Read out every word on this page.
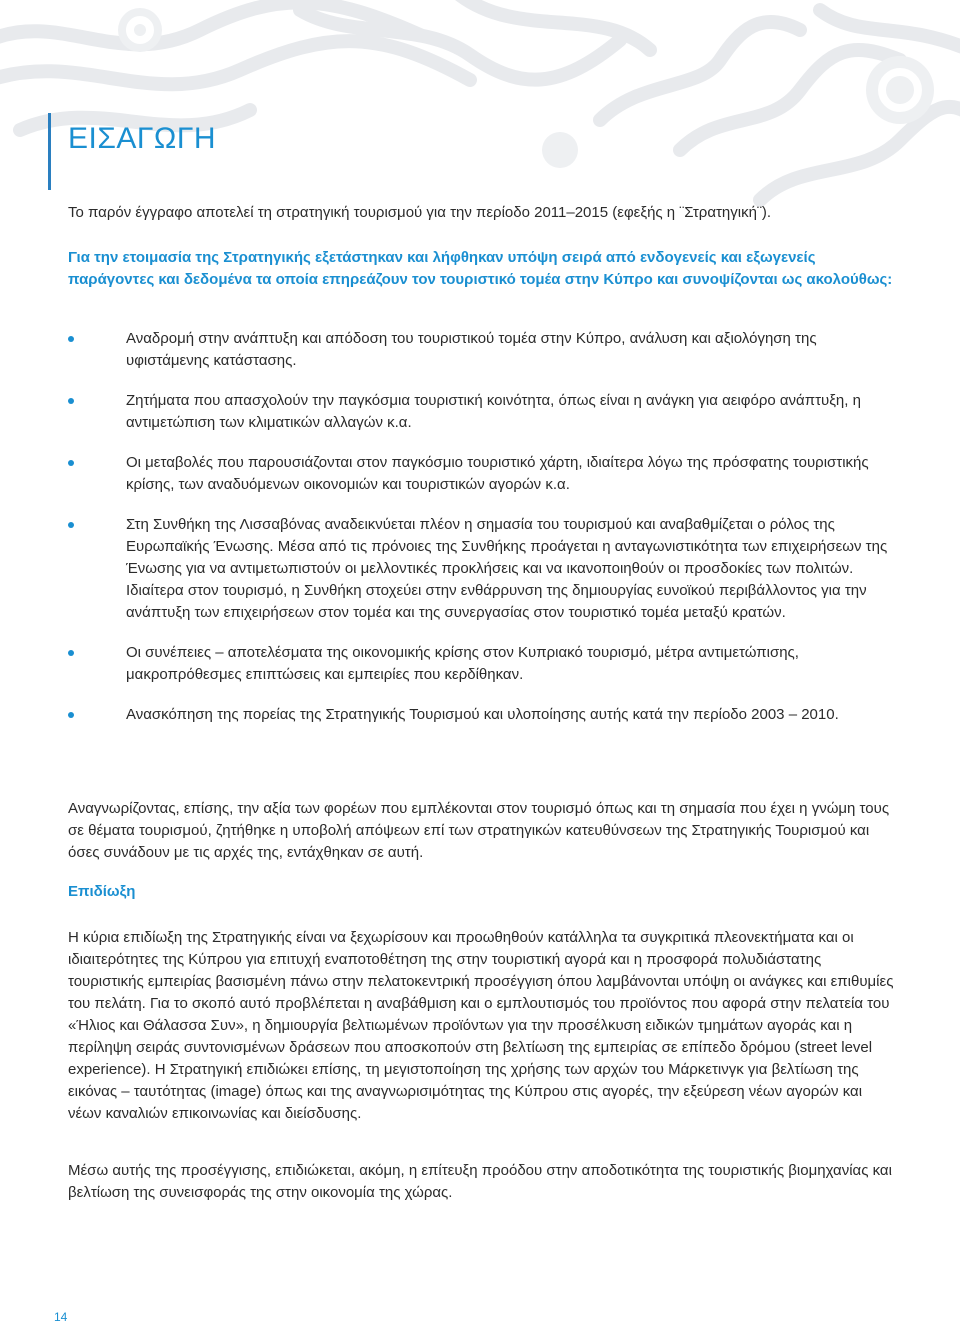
ΕΙΣΑΓΩΓΗ

Το παρόν έγγραφο αποτελεί τη στρατηγική τουρισμού για την περίοδο 2011–2015 (εφεξής η ¨Στρατηγική¨).

Για την ετοιμασία της Στρατηγικής εξετάστηκαν και λήφθηκαν υπόψη σειρά από ενδογενείς και εξωγενείς παράγοντες και δεδομένα τα οποία επηρεάζουν τον τουριστικό τομέα στην Κύπρο και συνοψίζονται ως ακολούθως:

Αναδρομή στην ανάπτυξη και απόδοση του τουριστικού τομέα στην Κύπρο, ανάλυση και αξιολόγηση της υφιστάμενης κατάστασης.
Ζητήματα που απασχολούν την παγκόσμια τουριστική κοινότητα, όπως είναι η ανάγκη για αειφόρο ανάπτυξη, η αντιμετώπιση των κλιματικών αλλαγών κ.α.
Οι μεταβολές που παρουσιάζονται στον παγκόσμιο τουριστικό χάρτη, ιδιαίτερα λόγω της πρόσφατης τουριστικής κρίσης, των αναδυόμενων οικονομιών και τουριστικών αγορών κ.α.
Στη Συνθήκη της Λισσαβόνας αναδεικνύεται πλέον η σημασία του τουρισμού και αναβαθμίζεται ο ρόλος της Ευρωπαϊκής Ένωσης. Μέσα από τις πρόνοιες της Συνθήκης προάγεται η ανταγωνιστικότητα των επιχειρήσεων της Ένωσης για να αντιμετωπιστούν οι μελλοντικές προκλήσεις και να ικανοποιηθούν οι προσδοκίες των πολιτών. Ιδιαίτερα στον τουρισμό, η Συνθήκη στοχεύει στην ενθάρρυνση της δημιουργίας ευνοϊκού περιβάλλοντος για την ανάπτυξη των επιχειρήσεων στον τομέα και της συνεργασίας στον τουριστικό τομέα μεταξύ κρατών.
Οι συνέπειες – αποτελέσματα της οικονομικής κρίσης στον Κυπριακό τουρισμό, μέτρα αντιμετώπισης, μακροπρόθεσμες επιπτώσεις και εμπειρίες που κερδίθηκαν.
Ανασκόπηση της πορείας της Στρατηγικής Τουρισμού και υλοποίησης αυτής κατά την περίοδο 2003 – 2010.

Αναγνωρίζοντας, επίσης, την αξία των φορέων που εμπλέκονται στον τουρισμό όπως και τη σημασία που έχει η γνώμη τους σε θέματα τουρισμού, ζητήθηκε η υποβολή απόψεων επί των στρατηγικών κατευθύνσεων της Στρατηγικής Τουρισμού και όσες συνάδουν με τις αρχές της, εντάχθηκαν σε αυτή.

Επιδίωξη

Η κύρια επιδίωξη της Στρατηγικής είναι να ξεχωρίσουν και προωθηθούν κατάλληλα τα συγκριτικά πλεονεκτήματα και οι ιδιαιτερότητες της Κύπρου για επιτυχή εναποτοθέτηση της στην τουριστική αγορά και η προσφορά πολυδιάστατης τουριστικής εμπειρίας βασισμένη πάνω στην πελατοκεντρική προσέγγιση όπου λαμβάνονται υπόψη οι ανάγκες και επιθυμίες του πελάτη. Για το σκοπό αυτό προβλέπεται η αναβάθμιση και ο εμπλουτισμός του προϊόντος που αφορά στην πελατεία του «Ήλιος και Θάλασσα Συν», η δημιουργία βελτιωμένων προϊόντων για την προσέλκυση ειδικών τμημάτων αγοράς και η περίληψη σειράς συντονισμένων δράσεων που αποσκοπούν στη βελτίωση της εμπειρίας σε επίπεδο δρόμου (street level experience). Η Στρατηγική επιδιώκει επίσης, τη μεγιστοποίηση της χρήσης των αρχών του Μάρκετινγκ για βελτίωση της εικόνας – ταυτότητας (image) όπως και της αναγνωρισιμότητας της Κύπρου στις αγορές, την εξεύρεση νέων αγορών και νέων καναλιών επικοινωνίας και διείσδυσης.

Μέσω αυτής της προσέγγισης, επιδιώκεται, ακόμη, η επίτευξη προόδου στην αποδοτικότητα της τουριστικής βιομηχανίας και βελτίωση της συνεισφοράς της στην οικονομία της χώρας.

14
